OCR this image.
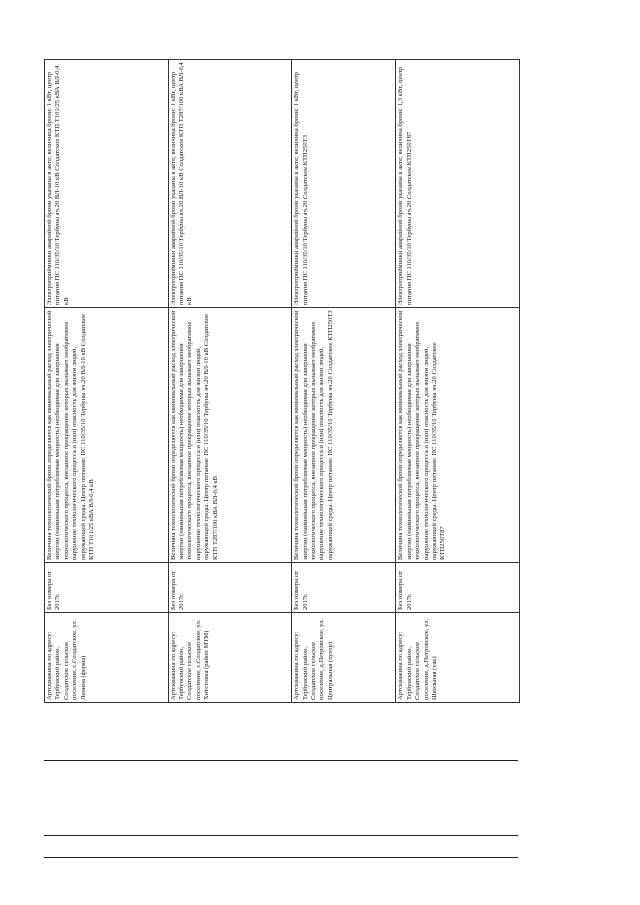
Артскважина по адресу: Тербунский район, Солдатское сельское поселение, с.Солдатское, ул. Ленина (ферма)	Без номера от 2017г.	Величина технологической брони определяется как минимальный расход электрической энергии (наименьшая потребляемая мощность) необходимая для завершения технологического процесса, внезапное прекращение которых вызывает необратимое нарушение технологического процесса и (или) опасность для жизни людей, окружающей среды. Центр питания: ПС 110/35/10 Тербуны яч.20 ВЛ-10 кВ Солдатское КТП Т101/25 кВА ВЛ-0,4 кВ	Электроприёмники аварийной брони указаны в акте; величина брони: 1 кВт, центр питания ПС 110/35/10 Тербуны яч.20 ВЛ-10 кВ Солдатское КТП Т101/25 кВА ВЛ-0,4 кВ
Артскважина по адресу: Тербунский район, Солдатское сельское поселение, с.Солдатское, ул. Хитстовка (район МТМ)	Без номера от 2017г.	Величина технологической брони определяется как минимальный расход электрической энергии (наименьшая потребляемая мощность) необходимая для завершения технологического процесса, внезапное прекращение которых вызывает необратимое нарушение технологического процесса и (или) опасность для жизни людей, окружающей среды. Центр питания: ПС 110/35/10 Тербуны яч.20 ВЛ-10 кВ Солдатское КТП Т287/100 кВА ВЛ-0,4 кВ	Электроприёмники аварийной брони указаны в акте; величина брони: 1 кВт, центр питания ПС 110/35/10 Тербуны яч.20 ВЛ-10 кВ Солдатское КТП Т287/100 кВА ВЛ-0,4 кВ
Артскважина по адресу: Тербунский район, Солдатское сельское поселение, д.Петровское, ул. Центральная (хутор)	Без номера от 2017г.	Величина технологической брони определяется как минимальный расход электрической энергии (наименьшая потребляемая мощность) необходимая для завершения технологического процесса, внезапное прекращение которых вызывает необратимое нарушение технологического процесса и (или) опасность для жизни людей, окружающей среды. Центр питания: ПС 110/35/10 Тербуны яч.20 Солдатское КТП250Т3	Электроприёмники аварийной брони указаны в акте; величина брони: 1 кВт, центр питания ПС 110/35/10 Тербуны яч.20 Солдатское КТП250Т3
Артскважина по адресу: Тербунский район, Солдатское сельское поселение, д.Петровское, ул. Школьная (так)	Без номера от 2017г.	Величина технологической брони определяется как минимальный расход электрической энергии (наименьшая потребляемая мощность) необходимая для завершения технологического процесса, внезапное прекращение которых вызывает необратимое нарушение технологического процесса и (или) опасность для жизни людей, окружающей среды. Центр питания: ПС 110/35/10 Тербуны яч.20 Солдатское КТП250Т87	Электроприёмники аварийной брони указаны в акте; величина брони: 1,3 кВт, центр питания ПС 110/35/10 Тербуны яч.20 Солдатское КТП250Т87
